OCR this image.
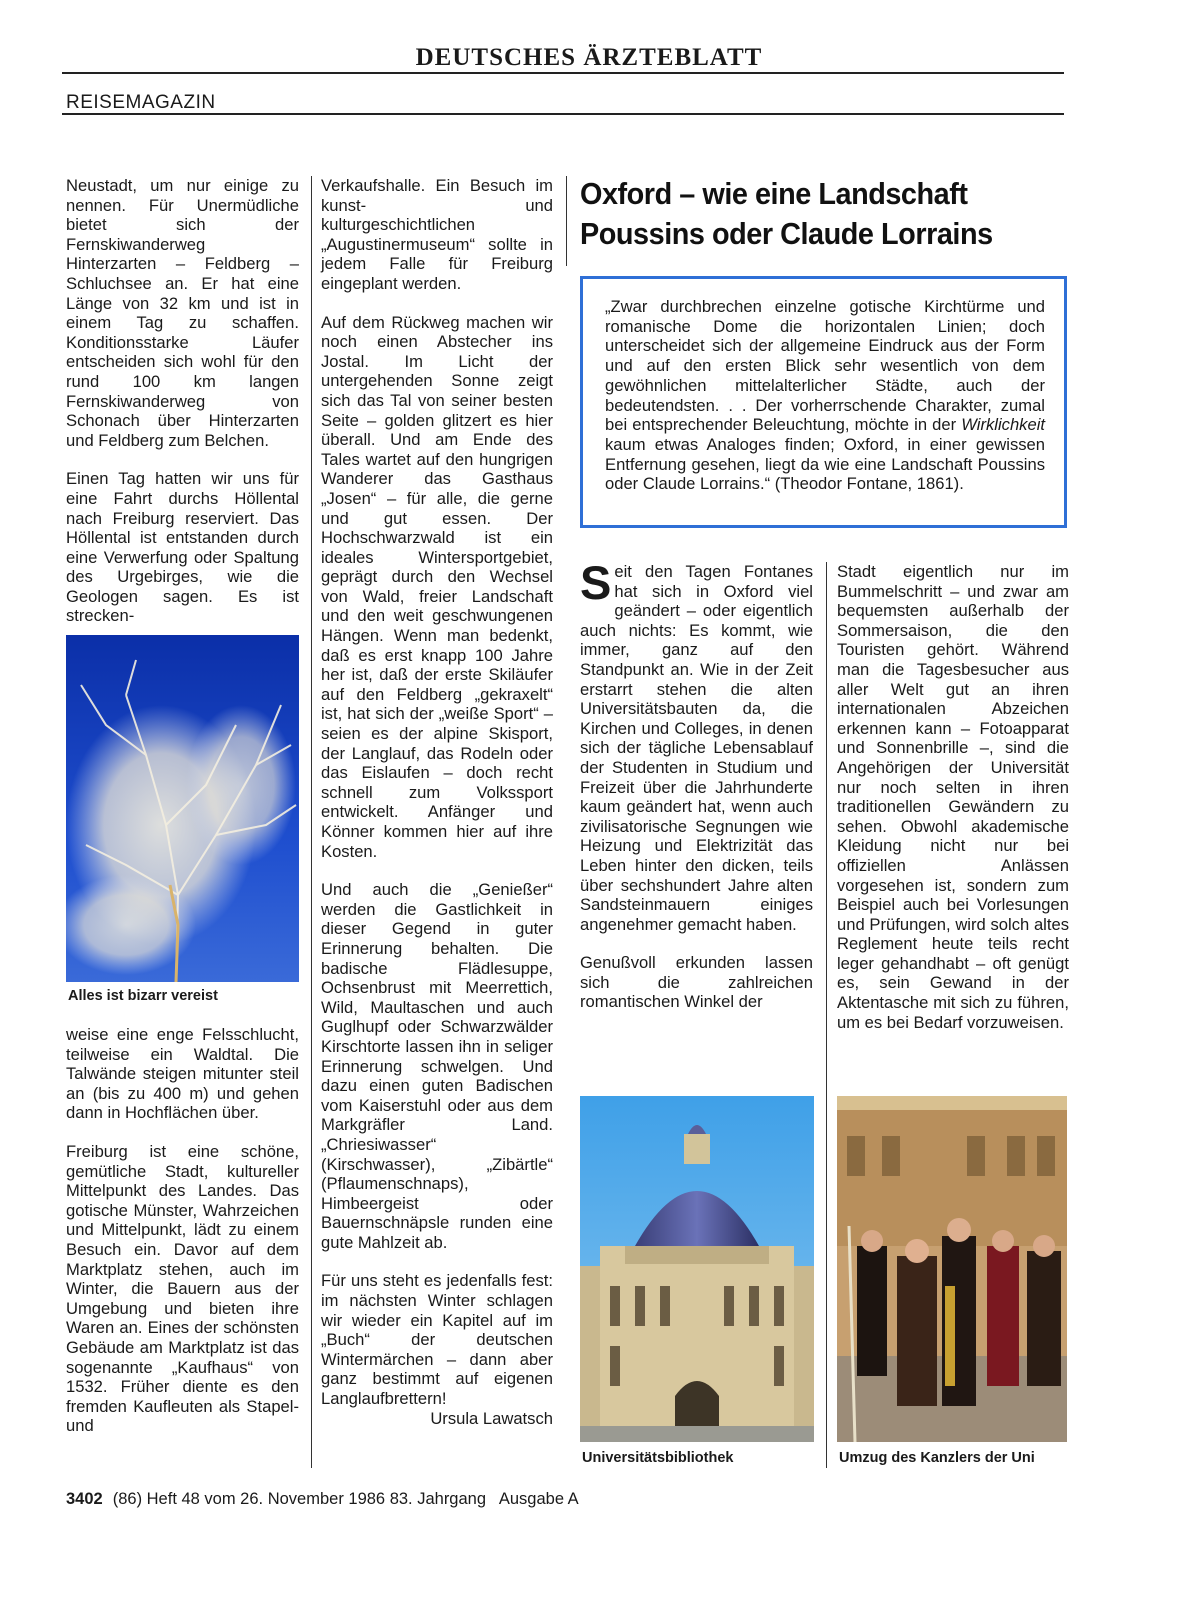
DEUTSCHES ÄRZTEBLATT
REISEMAGAZIN

Neustadt, um nur einige zu nennen. Für Unermüdliche bietet sich der Fernskiwanderweg Hinterzarten – Feldberg – Schluchsee an. Er hat eine Länge von 32 km und ist in einem Tag zu schaffen. Konditionsstarke Läufer entscheiden sich wohl für den rund 100 km langen Fernskiwanderweg von Schonach über Hinterzarten und Feldberg zum Belchen.

Einen Tag hatten wir uns für eine Fahrt durchs Höllental nach Freiburg reserviert. Das Höllental ist entstanden durch eine Verwerfung oder Spaltung des Urgebirges, wie die Geologen sagen. Es ist strecken-

Alles ist bizarr vereist

weise eine enge Felsschlucht, teilweise ein Waldtal. Die Talwände steigen mitunter steil an (bis zu 400 m) und gehen dann in Hochflächen über.

Freiburg ist eine schöne, gemütliche Stadt, kultureller Mittelpunkt des Landes. Das gotische Münster, Wahrzeichen und Mittelpunkt, lädt zu einem Besuch ein. Davor auf dem Marktplatz stehen, auch im Winter, die Bauern aus der Umgebung und bieten ihre Waren an. Eines der schönsten Gebäude am Marktplatz ist das sogenannte „Kaufhaus“ von 1532. Früher diente es den fremden Kaufleuten als Stapel- und

Verkaufshalle. Ein Besuch im kunst- und kulturgeschichtlichen „Augustinermuseum“ sollte in jedem Falle für Freiburg eingeplant werden.

Auf dem Rückweg machen wir noch einen Abstecher ins Jostal. Im Licht der untergehenden Sonne zeigt sich das Tal von seiner besten Seite – golden glitzert es hier überall. Und am Ende des Tales wartet auf den hungrigen Wanderer das Gasthaus „Josen“ – für alle, die gerne und gut essen. Der Hochschwarzwald ist ein ideales Wintersportgebiet, geprägt durch den Wechsel von Wald, freier Landschaft und den weit geschwungenen Hängen. Wenn man bedenkt, daß es erst knapp 100 Jahre her ist, daß der erste Skiläufer auf den Feldberg „gekraxelt“ ist, hat sich der „weiße Sport“ – seien es der alpine Skisport, der Langlauf, das Rodeln oder das Eislaufen – doch recht schnell zum Volkssport entwickelt. Anfänger und Könner kommen hier auf ihre Kosten.

Und auch die „Genießer“ werden die Gastlichkeit in dieser Gegend in guter Erinnerung behalten. Die badische Flädlesuppe, Ochsenbrust mit Meerrettich, Wild, Maultaschen und auch Guglhupf oder Schwarzwälder Kirschtorte lassen ihn in seliger Erinnerung schwelgen. Und dazu einen guten Badischen vom Kaiserstuhl oder aus dem Markgräfler Land. „Chriesiwasser“ (Kirschwasser), „Zibärtle“ (Pflaumenschnaps), Himbeergeist oder Bauernschnäpsle runden eine gute Mahlzeit ab.

Für uns steht es jedenfalls fest: im nächsten Winter schlagen wir wieder ein Kapitel auf im „Buch“ der deutschen Wintermärchen – dann aber ganz bestimmt auf eigenen Langlaufbrettern!
Ursula Lawatsch

Oxford – wie eine Landschaft Poussins oder Claude Lorrains
„Zwar durchbrechen einzelne gotische Kirchtürme und romanische Dome die horizontalen Linien; doch unterscheidet sich der allgemeine Eindruck aus der Form und auf den ersten Blick sehr wesentlich von dem gewöhnlichen mittelalterlicher Städte, auch der bedeutendsten. . . Der vorherrschende Charakter, zumal bei entsprechender Beleuchtung, möchte in der Wirklichkeit kaum etwas Analoges finden; Oxford, in einer gewissen Entfernung gesehen, liegt da wie eine Landschaft Poussins oder Claude Lorrains.“ (Theodor Fontane, 1861).

S eit den Tagen Fontanes hat sich in Oxford viel geändert – oder eigentlich auch nichts: Es kommt, wie immer, ganz auf den Standpunkt an. Wie in der Zeit erstarrt stehen die alten Universitätsbauten da, die Kirchen und Colleges, in denen sich der tägliche Lebensablauf der Studenten in Studium und Freizeit über die Jahrhunderte kaum geändert hat, wenn auch zivilisatorische Segnungen wie Heizung und Elektrizität das Leben hinter den dicken, teils über sechshundert Jahre alten Sandsteinmauern einiges angenehmer gemacht haben.

Genußvoll erkunden lassen sich die zahlreichen romantischen Winkel der

Stadt eigentlich nur im Bummelschritt – und zwar am bequemsten außerhalb der Sommersaison, die den Touristen gehört. Während man die Tagesbesucher aus aller Welt gut an ihren internationalen Abzeichen erkennen kann – Fotoapparat und Sonnenbrille –, sind die Angehörigen der Universität nur noch selten in ihren traditionellen Gewändern zu sehen. Obwohl akademische Kleidung nicht nur bei offiziellen Anlässen vorgesehen ist, sondern zum Beispiel auch bei Vorlesungen und Prüfungen, wird solch altes Reglement heute teils recht leger gehandhabt – oft genügt es, sein Gewand in der Aktentasche mit sich zu führen, um es bei Bedarf vorzuweisen.

Universitätsbibliothek	Umzug des Kanzlers der Uni
3402 (86) Heft 48 vom 26. November 1986 83. Jahrgang   Ausgabe A
